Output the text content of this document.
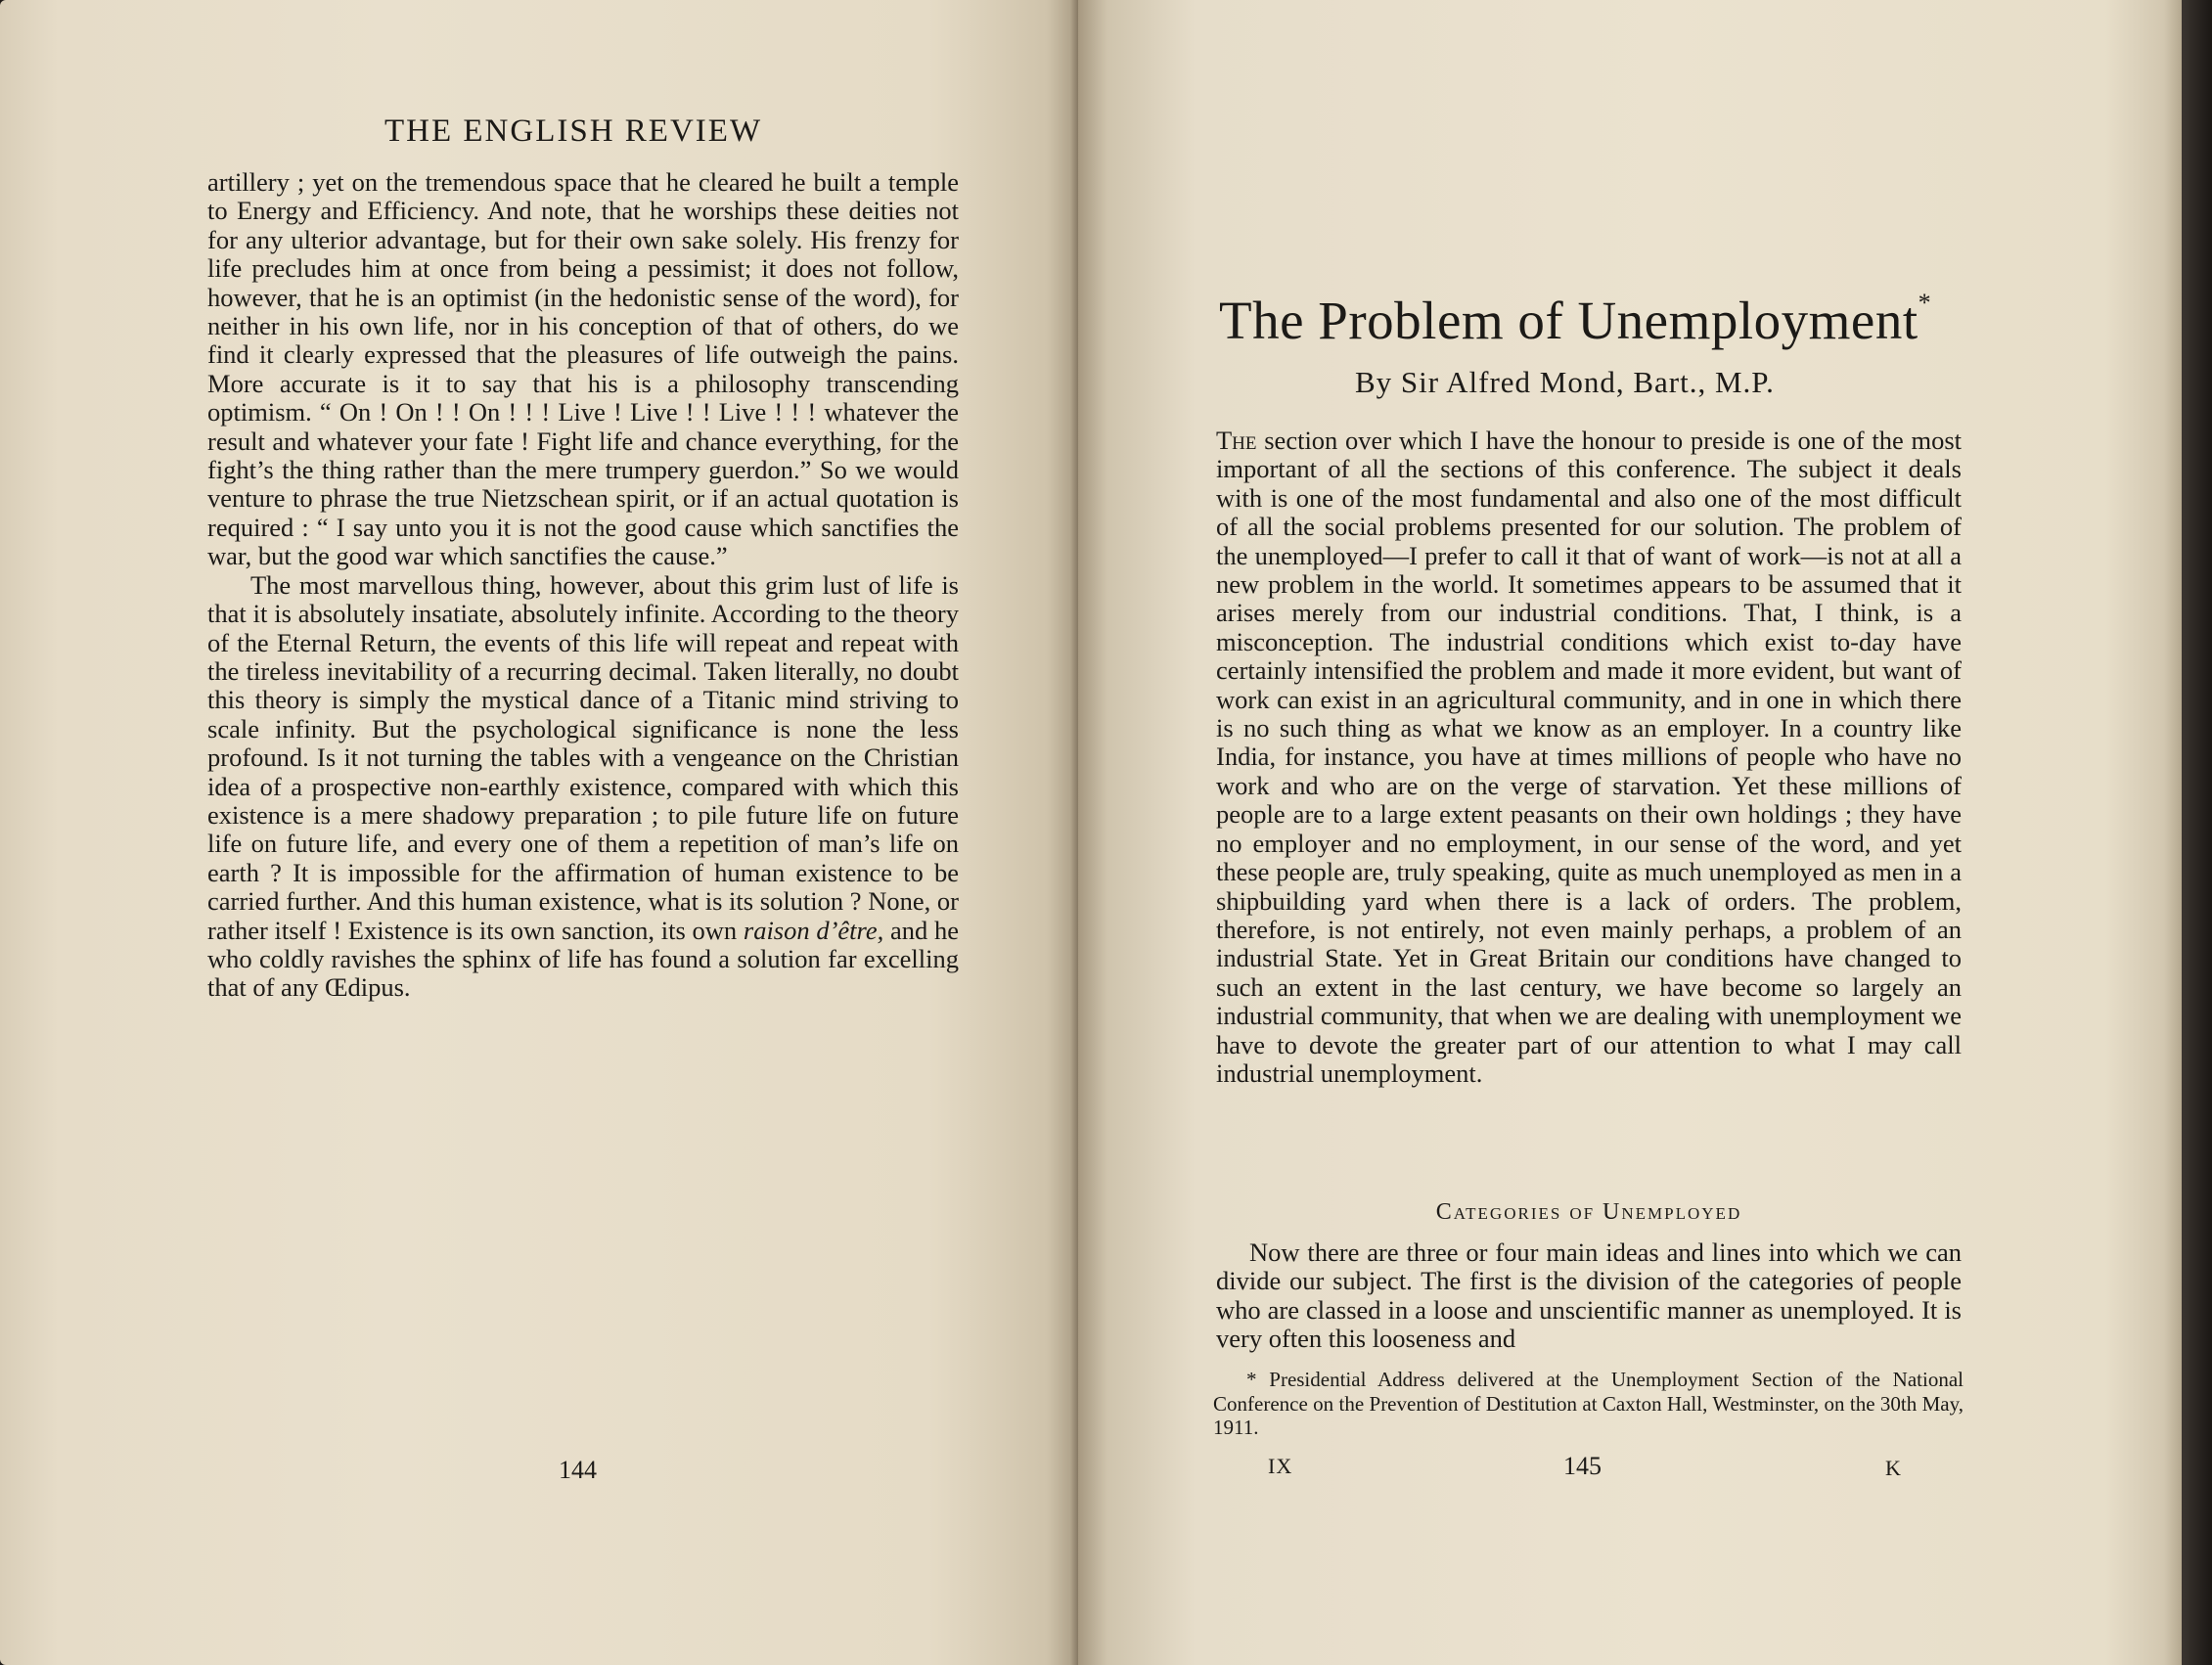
THE ENGLISH REVIEW

artillery ; yet on the tremendous space that he cleared he built a temple to Energy and Efficiency. And note, that he worships these deities not for any ulterior advantage, but for their own sake solely. His frenzy for life precludes him at once from being a pessimist; it does not follow, however, that he is an optimist (in the hedonistic sense of the word), for neither in his own life, nor in his conception of that of others, do we find it clearly expressed that the pleasures of life outweigh the pains. More accurate is it to say that his is a philosophy transcending optimism. “ On ! On ! ! On ! ! ! Live ! Live ! ! Live ! ! ! whatever the result and whatever your fate ! Fight life and chance everything, for the fight’s the thing rather than the mere trumpery guerdon.” So we would venture to phrase the true Nietzschean spirit, or if an actual quotation is required : “ I say unto you it is not the good cause which sanctifies the war, but the good war which sanctifies the cause.”

The most marvellous thing, however, about this grim lust of life is that it is absolutely insatiate, absolutely infinite. According to the theory of the Eternal Return, the events of this life will repeat and repeat with the tireless inevitability of a recurring decimal. Taken literally, no doubt this theory is simply the mystical dance of a Titanic mind striving to scale infinity. But the psychological significance is none the less profound. Is it not turning the tables with a vengeance on the Christian idea of a prospective non-earthly existence, compared with which this existence is a mere shadowy preparation ; to pile future life on future life on future life, and every one of them a repetition of man’s life on earth ? It is impossible for the affirmation of human existence to be carried further. And this human existence, what is its solution ? None, or rather itself ! Existence is its own sanction, its own raison d’être, and he who coldly ravishes the sphinx of life has found a solution far excelling that of any Œdipus.

144
The Problem of Unemployment*
By Sir Alfred Mond, Bart., M.P.

The section over which I have the honour to preside is one of the most important of all the sections of this conference. The subject it deals with is one of the most fundamental and also one of the most difficult of all the social problems presented for our solution. The problem of the unemployed—I prefer to call it that of want of work—is not at all a new problem in the world. It sometimes appears to be assumed that it arises merely from our industrial conditions. That, I think, is a misconception. The industrial conditions which exist to-day have certainly intensified the problem and made it more evident, but want of work can exist in an agricultural community, and in one in which there is no such thing as what we know as an employer. In a country like India, for instance, you have at times millions of people who have no work and who are on the verge of starvation. Yet these millions of people are to a large extent peasants on their own holdings ; they have no employer and no employment, in our sense of the word, and yet these people are, truly speaking, quite as much unemployed as men in a shipbuilding yard when there is a lack of orders. The problem, therefore, is not entirely, not even mainly perhaps, a problem of an industrial State. Yet in Great Britain our conditions have changed to such an extent in the last century, we have become so largely an industrial community, that when we are dealing with unemployment we have to devote the greater part of our attention to what I may call industrial unemployment.

Categories of Unemployed

Now there are three or four main ideas and lines into which we can divide our subject. The first is the division of the categories of people who are classed in a loose and unscientific manner as unemployed. It is very often this looseness and

* Presidential Address delivered at the Unemployment Section of the National Conference on the Prevention of Destitution at Caxton Hall, Westminster, on the 30th May, 1911.

IX	145	K
